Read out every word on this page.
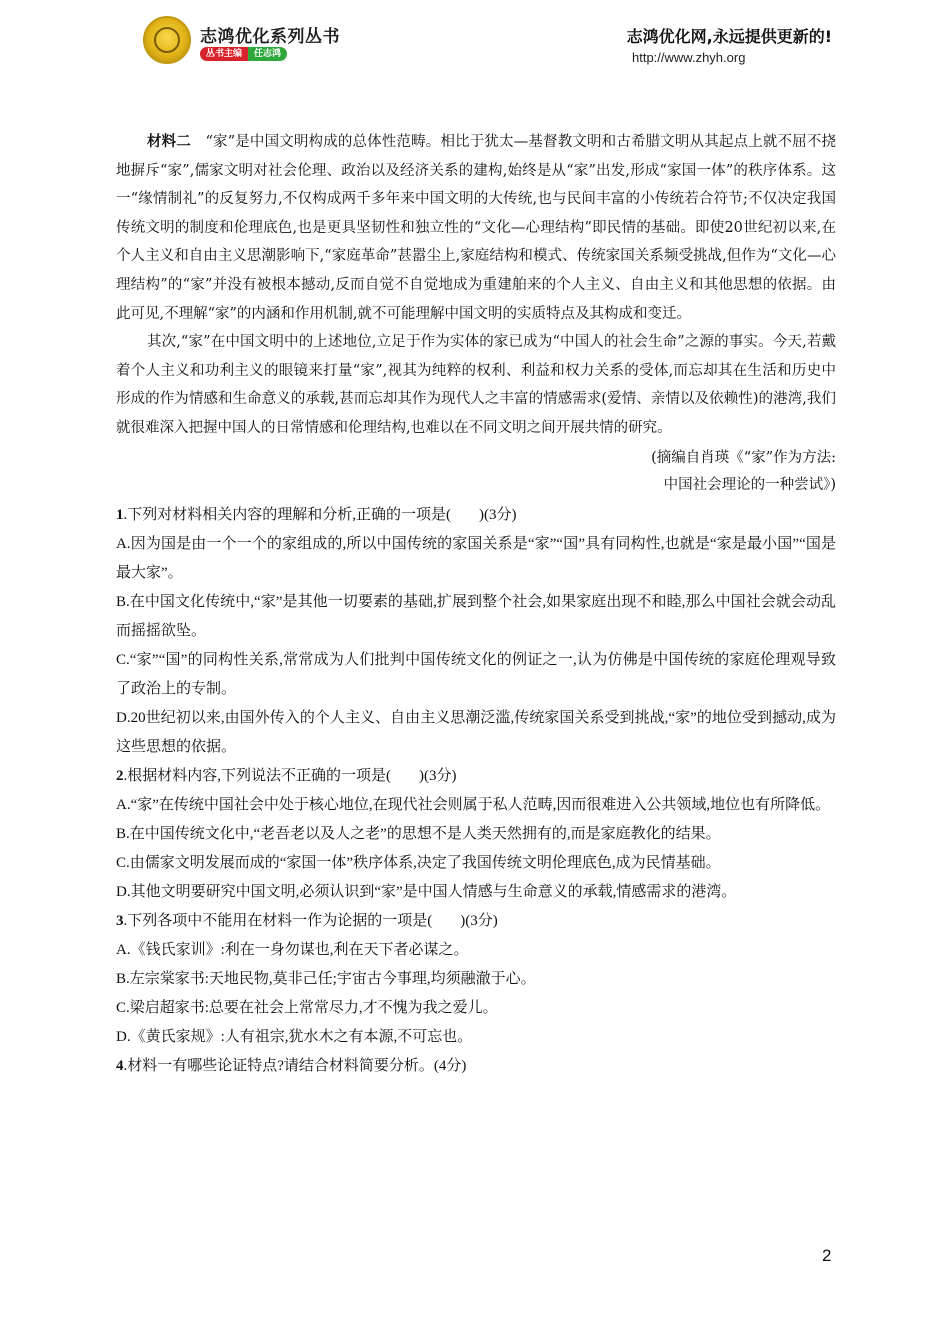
志鸿优化系列丛书
丛书主编	任志鸿
志鸿优化网,永远提供更新的!
http://www.zhyh.org

材料二  “家”是中国文明构成的总体性范畴。相比于犹太—基督教文明和古希腊文明从其起点上就不屈不挠地摒斥“家”,儒家文明对社会伦理、政治以及经济关系的建构,始终是从“家”出发,形成“家国一体”的秩序体系。这一“缘情制礼”的反复努力,不仅构成两千多年来中国文明的大传统,也与民间丰富的小传统若合符节;不仅决定我国传统文明的制度和伦理底色,也是更具坚韧性和独立性的“文化—心理结构”即民情的基础。即使20世纪初以来,在个人主义和自由主义思潮影响下,“家庭革命”甚嚣尘上,家庭结构和模式、传统家国关系频受挑战,但作为“文化—心理结构”的“家”并没有被根本撼动,反而自觉不自觉地成为重建舶来的个人主义、自由主义和其他思想的依据。由此可见,不理解“家”的内涵和作用机制,就不可能理解中国文明的实质特点及其构成和变迁。

其次,“家”在中国文明中的上述地位,立足于作为实体的家已成为“中国人的社会生命”之源的事实。今天,若戴着个人主义和功利主义的眼镜来打量“家”,视其为纯粹的权利、利益和权力关系的受体,而忘却其在生活和历史中形成的作为情感和生命意义的承载,甚而忘却其作为现代人之丰富的情感需求(爱情、亲情以及依赖性)的港湾,我们就很难深入把握中国人的日常情感和伦理结构,也难以在不同文明之间开展共情的研究。

(摘编自肖瑛《“家”作为方法:

中国社会理论的一种尝试》)

1.下列对材料相关内容的理解和分析,正确的一项是( )(3分)

A.因为国是由一个一个的家组成的,所以中国传统的家国关系是“家”“国”具有同构性,也就是“家是最小国”“国是最大家”。

B.在中国文化传统中,“家”是其他一切要素的基础,扩展到整个社会,如果家庭出现不和睦,那么中国社会就会动乱而摇摇欲坠。

C.“家”“国”的同构性关系,常常成为人们批判中国传统文化的例证之一,认为仿佛是中国传统的家庭伦理观导致了政治上的专制。

D.20世纪初以来,由国外传入的个人主义、自由主义思潮泛滥,传统家国关系受到挑战,“家”的地位受到撼动,成为这些思想的依据。

2.根据材料内容,下列说法不正确的一项是( )(3分)

A.“家”在传统中国社会中处于核心地位,在现代社会则属于私人范畴,因而很难进入公共领域,地位也有所降低。

B.在中国传统文化中,“老吾老以及人之老”的思想不是人类天然拥有的,而是家庭教化的结果。

C.由儒家文明发展而成的“家国一体”秩序体系,决定了我国传统文明伦理底色,成为民情基础。

D.其他文明要研究中国文明,必须认识到“家”是中国人情感与生命意义的承载,情感需求的港湾。

3.下列各项中不能用在材料一作为论据的一项是( )(3分)

A.《钱氏家训》:利在一身勿谋也,利在天下者必谋之。

B.左宗棠家书:天地民物,莫非己任;宇宙古今事理,均须融澈于心。

C.梁启超家书:总要在社会上常常尽力,才不愧为我之爱儿。

D.《黄氏家规》:人有祖宗,犹水木之有本源,不可忘也。

4.材料一有哪些论证特点?请结合材料简要分析。(4分)

2
